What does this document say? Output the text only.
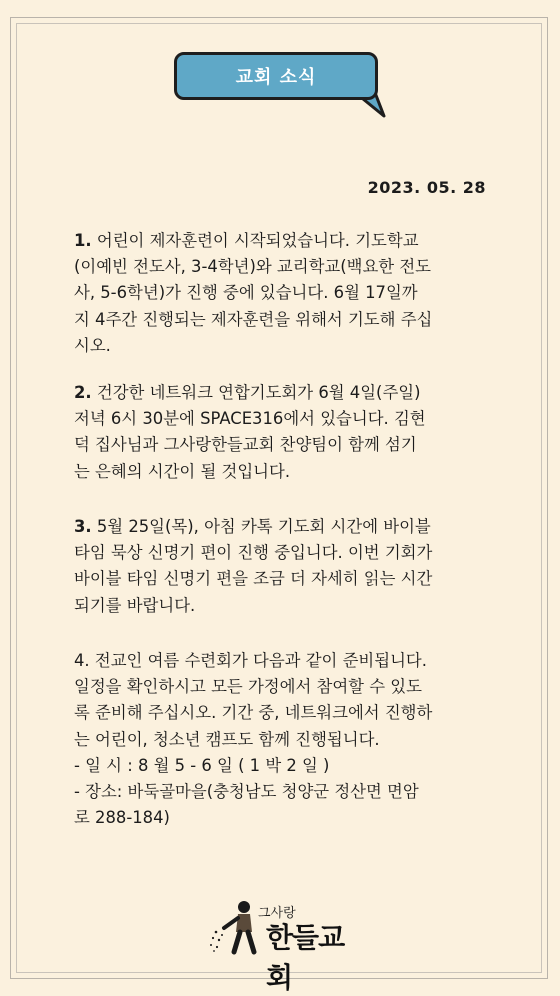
교회 소식
2023. 05. 28
1. 어린이 제자훈련이 시작되었습니다. 기도학교
(이예빈 전도사, 3-4학년)와 교리학교(백요한 전도
사, 5-6학년)가 진행 중에 있습니다. 6월 17일까
지 4주간 진행되는 제자훈련을 위해서 기도해 주십
시오.
2. 건강한 네트워크 연합기도회가 6월 4일(주일)
저녁 6시 30분에 SPACE316에서 있습니다. 김현
덕 집사님과 그사랑한들교회 찬양팀이 함께 섬기
는 은혜의 시간이 될 것입니다.
3. 5월 25일(목), 아침 카톡 기도회 시간에 바이블
타임 묵상 신명기 편이 진행 중입니다. 이번 기회가
바이블 타임 신명기 편을 조금 더 자세히 읽는 시간
되기를 바랍니다.
4. 전교인 여름 수련회가 다음과 같이 준비됩니다.
일정을 확인하시고 모든 가정에서 참여할 수 있도
록 준비해 주십시오. 기간 중, 네트워크에서 진행하
는 어린이, 청소년 캠프도 함께 진행됩니다.
- 일 시 : 8 월 5 - 6 일 ( 1 박 2 일 )
- 장소: 바둑골마을(충청남도 청양군 정산면 면암
로 288-184)
그사랑
한들교회
